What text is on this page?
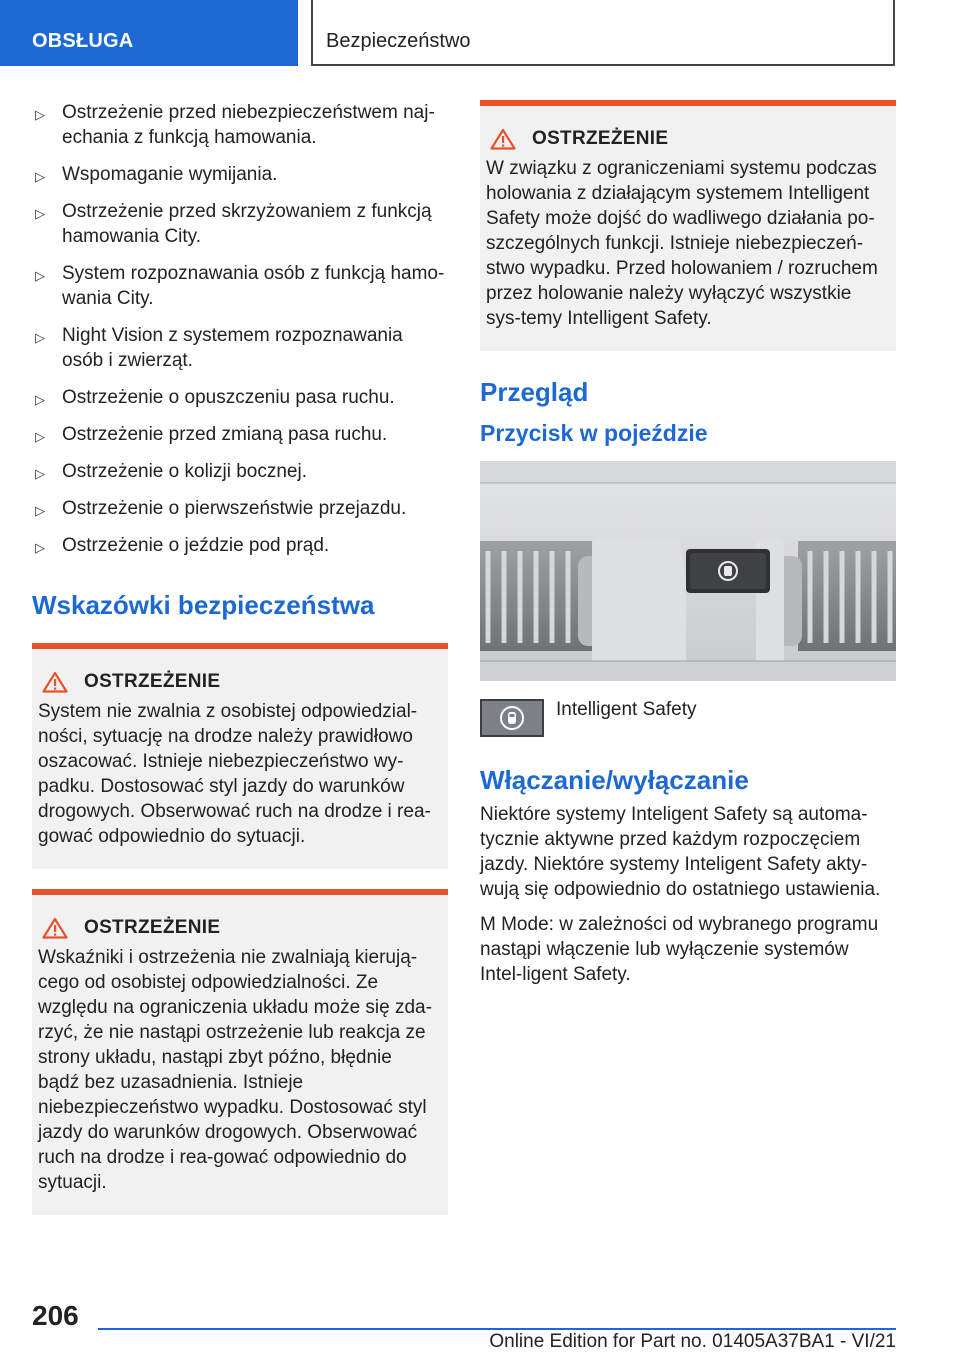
OBSŁUGA	Bezpieczeństwo
▷ Ostrzeżenie przed niebezpieczeństwem naj-echania z funkcją hamowania.
▷ Wspomaganie wymijania.
▷ Ostrzeżenie przed skrzyżowaniem z funkcją hamowania City.
▷ System rozpoznawania osób z funkcją hamo-wania City.
▷ Night Vision z systemem rozpoznawania osób i zwierząt.
▷ Ostrzeżenie o opuszczeniu pasa ruchu.
▷ Ostrzeżenie przed zmianą pasa ruchu.
▷ Ostrzeżenie o kolizji bocznej.
▷ Ostrzeżenie o pierwszeństwie przejazdu.
▷ Ostrzeżenie o jeździe pod prąd.
Wskazówki bezpieczeństwa
OSTRZEŻENIE

System nie zwalnia z osobistej odpowiedzial-ności, sytuację na drodze należy prawidłowo oszacować. Istnieje niebezpieczeństwo wy-padku. Dostosować styl jazdy do warunków drogowych. Obserwować ruch na drodze i rea-gować odpowiednio do sytuacji.

OSTRZEŻENIE

Wskaźniki i ostrzeżenia nie zwalniają kierują-cego od osobistej odpowiedzialności. Ze względu na ograniczenia układu może się zda-rzyć, że nie nastąpi ostrzeżenie lub reakcja ze strony układu, nastąpi zbyt późno, błędnie bądź bez uzasadnienia. Istnieje niebezpieczeństwo wypadku. Dostosować styl jazdy do warunków drogowych. Obserwować ruch na drodze i rea-gować odpowiednio do sytuacji.

OSTRZEŻENIE

W związku z ograniczeniami systemu podczas holowania z działającym systemem Intelligent Safety może dojść do wadliwego działania po-szczególnych funkcji. Istnieje niebezpieczeń-stwo wypadku. Przed holowaniem / rozruchem przez holowanie należy wyłączyć wszystkie sys-temy Intelligent Safety.

Przegląd
Przycisk w pojeździe
Intelligent Safety
Włączanie/wyłączanie

Niektóre systemy Inteligent Safety są automa-tycznie aktywne przed każdym rozpoczęciem jazdy. Niektóre systemy Inteligent Safety akty-wują się odpowiednio do ostatniego ustawienia.

M Mode: w zależności od wybranego programu nastąpi włączenie lub wyłączenie systemów Intel-ligent Safety.

206
Online Edition for Part no. 01405A37BA1 - VI/21
